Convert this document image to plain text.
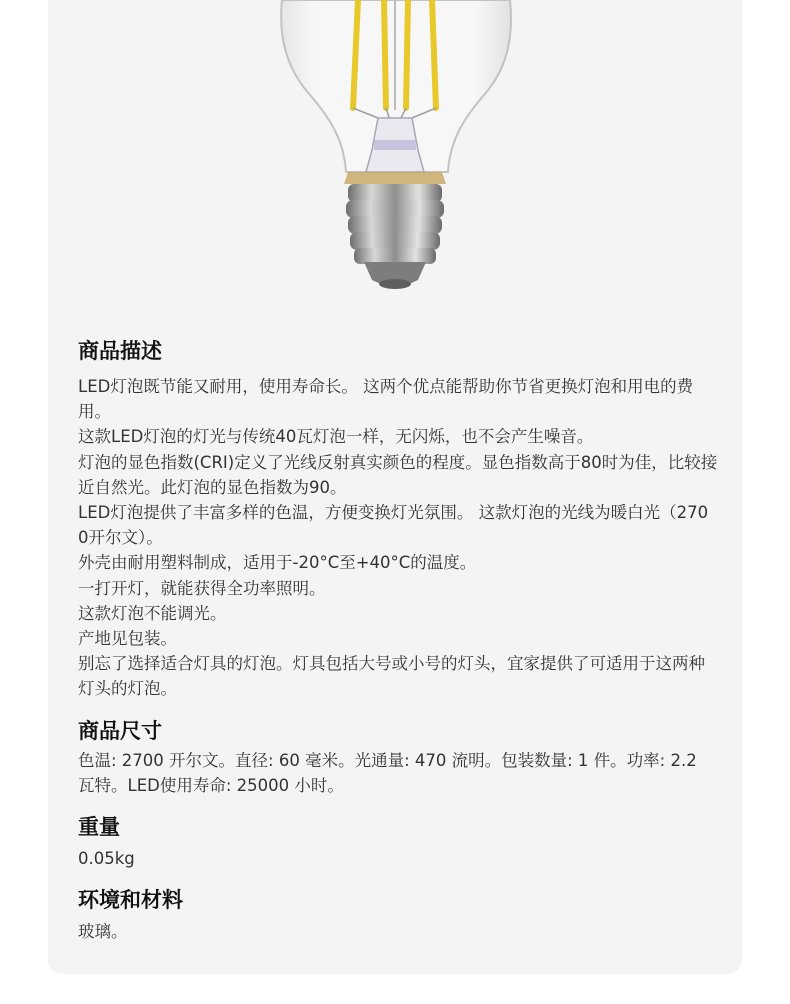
商品描述

LED灯泡既节能又耐用，使用寿命长。 这两个优点能帮助你节省更换灯泡和用电的费用。

这款LED灯泡的灯光与传统40瓦灯泡一样，无闪烁，也不会产生噪音。

灯泡的显色指数(CRI)定义了光线反射真实颜色的程度。显色指数高于80时为佳，比较接近自然光。此灯泡的显色指数为90。

LED灯泡提供了丰富多样的色温，方便变换灯光氛围。 这款灯泡的光线为暖白光（2700开尔文）。

外壳由耐用塑料制成，适用于-20°C至+40°C的温度。

一打开灯，就能获得全功率照明。

这款灯泡不能调光。

产地见包装。

别忘了选择适合灯具的灯泡。灯具包括大号或小号的灯头，宜家提供了可适用于这两种灯头的灯泡。

商品尺寸

色温: 2700 开尔文。直径: 60 毫米。光通量: 470 流明。包装数量: 1 件。功率: 2.2 瓦特。LED使用寿命: 25000 小时。

重量

0.05kg

环境和材料

玻璃。
